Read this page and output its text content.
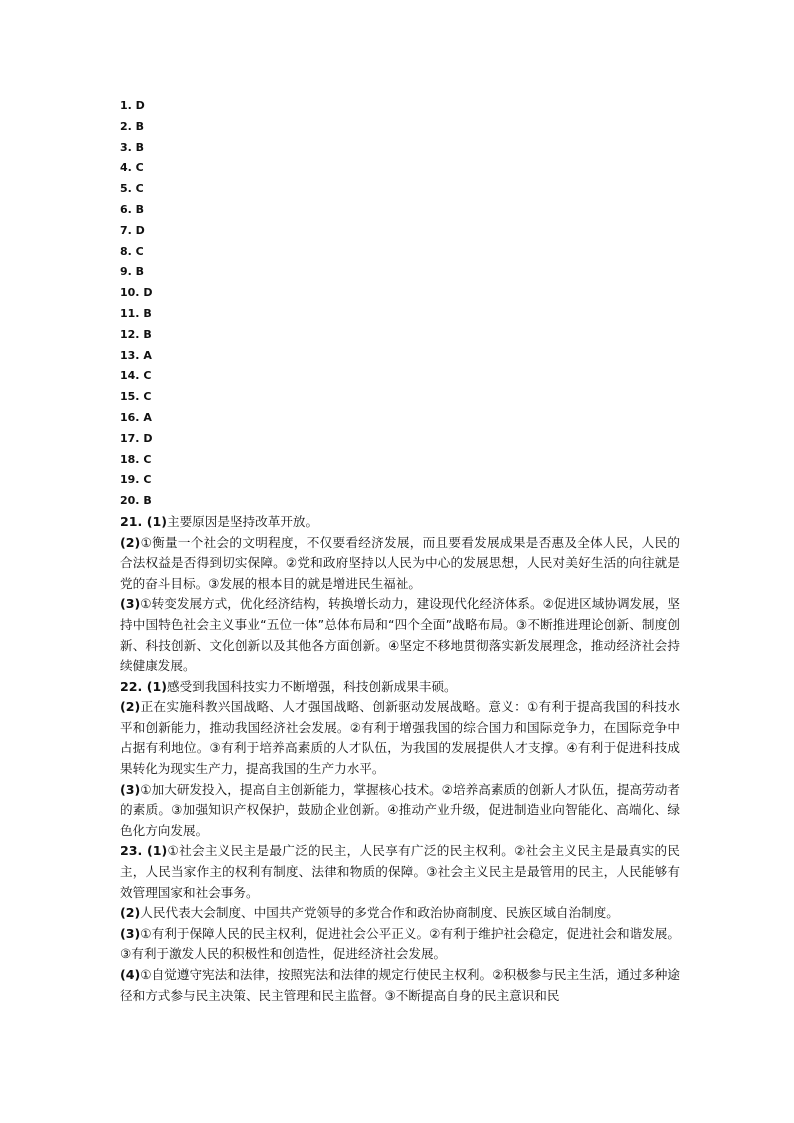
1. D
2. B
3. B
4. C
5. C
6. B
7. D
8. C
9. B
10. D
11. B
12. B
13. A
14. C
15. C
16. A
17. D
18. C
19. C
20. B
21. (1)主要原因是坚持改革开放。
(2)①衡量一个社会的文明程度，不仅要看经济发展，而且要看发展成果是否惠及全体人民，人民的合法权益是否得到切实保障。②党和政府坚持以人民为中心的发展思想，人民对美好生活的向往就是党的奋斗目标。③发展的根本目的就是增进民生福祉。
(3)①转变发展方式，优化经济结构，转换增长动力，建设现代化经济体系。②促进区域协调发展，坚持中国特色社会主义事业“五位一体”总体布局和“四个全面”战略布局。③不断推进理论创新、制度创新、科技创新、文化创新以及其他各方面创新。④坚定不移地贯彻落实新发展理念，推动经济社会持续健康发展。
22. (1)感受到我国科技实力不断增强，科技创新成果丰硕。
(2)正在实施科教兴国战略、人才强国战略、创新驱动发展战略。意义：①有利于提高我国的科技水平和创新能力，推动我国经济社会发展。②有利于增强我国的综合国力和国际竞争力，在国际竞争中占据有利地位。③有利于培养高素质的人才队伍，为我国的发展提供人才支撑。④有利于促进科技成果转化为现实生产力，提高我国的生产力水平。
(3)①加大研发投入，提高自主创新能力，掌握核心技术。②培养高素质的创新人才队伍，提高劳动者的素质。③加强知识产权保护，鼓励企业创新。④推动产业升级，促进制造业向智能化、高端化、绿色化方向发展。
23. (1)①社会主义民主是最广泛的民主，人民享有广泛的民主权利。②社会主义民主是最真实的民主，人民当家作主的权利有制度、法律和物质的保障。③社会主义民主是最管用的民主，人民能够有效管理国家和社会事务。
(2)人民代表大会制度、中国共产党领导的多党合作和政治协商制度、民族区域自治制度。
(3)①有利于保障人民的民主权利，促进社会公平正义。②有利于维护社会稳定，促进社会和谐发展。③有利于激发人民的积极性和创造性，促进经济社会发展。
(4)①自觉遵守宪法和法律，按照宪法和法律的规定行使民主权利。②积极参与民主生活，通过多种途径和方式参与民主决策、民主管理和民主监督。③不断提高自身的民主意识和民
